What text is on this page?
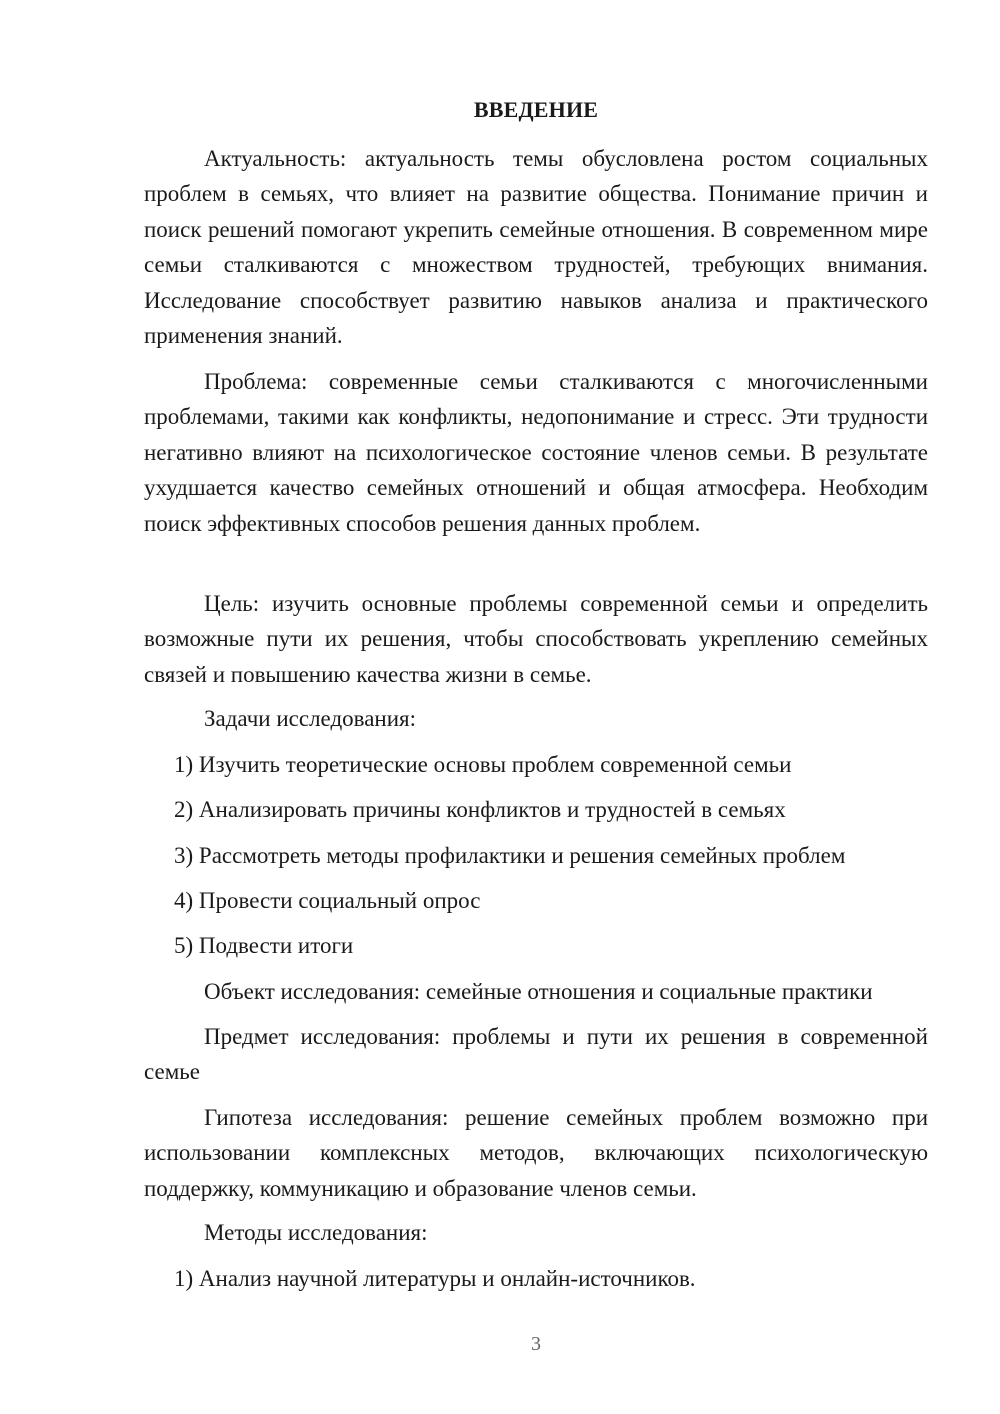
ВВЕДЕНИЕ

Актуальность: актуальность темы обусловлена ростом социальных проблем в семьях, что влияет на развитие общества. Понимание причин и поиск решений помогают укрепить семейные отношения. В современном мире семьи сталкиваются с множеством трудностей, требующих внимания. Исследование способствует развитию навыков анализа и практического применения знаний.

Проблема: современные семьи сталкиваются с многочисленными проблемами, такими как конфликты, недопонимание и стресс. Эти трудности негативно влияют на психологическое состояние членов семьи. В результате ухудшается качество семейных отношений и общая атмосфера. Необходим поиск эффективных способов решения данных проблем.

Цель: изучить основные проблемы современной семьи и определить возможные пути их решения, чтобы способствовать укреплению семейных связей и повышению качества жизни в семье.

Задачи исследования:

1) Изучить теоретические основы проблем современной семьи

2) Анализировать причины конфликтов и трудностей в семьях

3) Рассмотреть методы профилактики и решения семейных проблем

4) Провести социальный опрос

5) Подвести итоги

Объект исследования: семейные отношения и социальные практики

Предмет исследования: проблемы и пути их решения в современной семье

Гипотеза исследования: решение семейных проблем возможно при использовании комплексных методов, включающих психологическую поддержку, коммуникацию и образование членов семьи.

Методы исследования:

1) Анализ научной литературы и онлайн-источников.

3
